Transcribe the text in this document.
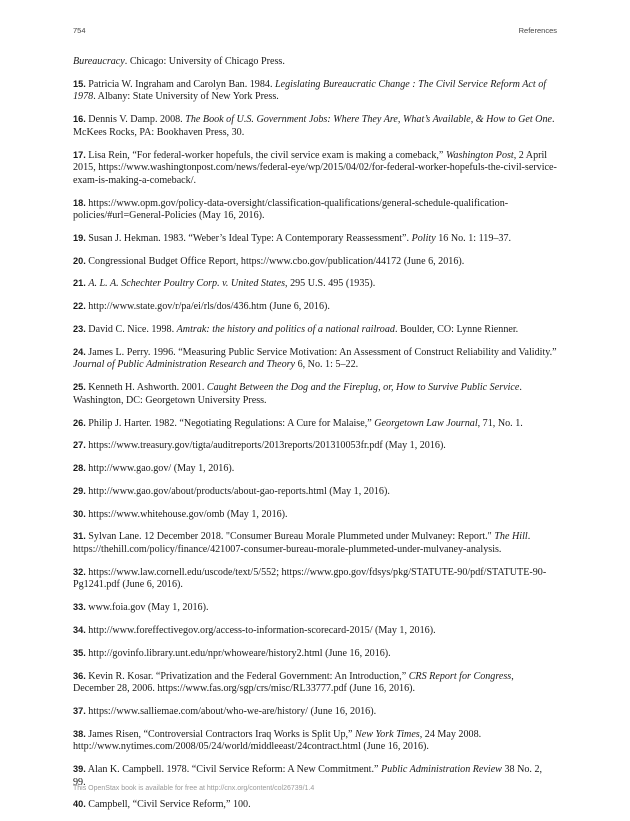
754	References

Bureaucracy. Chicago: University of Chicago Press.

15. Patricia W. Ingraham and Carolyn Ban. 1984. Legislating Bureaucratic Change : The Civil Service Reform Act of 1978. Albany: State University of New York Press.

16. Dennis V. Damp. 2008. The Book of U.S. Government Jobs: Where They Are, What’s Available, & How to Get One. McKees Rocks, PA: Bookhaven Press, 30.

17. Lisa Rein, “For federal-worker hopefuls, the civil service exam is making a comeback,” Washington Post, 2 April 2015, https://www.washingtonpost.com/news/federal-eye/wp/2015/04/02/for-federal-worker-hopefuls-the-civil-service-exam-is-making-a-comeback/.

18. https://www.opm.gov/policy-data-oversight/classification-qualifications/general-schedule-qualification-policies/#url=General-Policies (May 16, 2016).

19. Susan J. Hekman. 1983. “Weber’s Ideal Type: A Contemporary Reassessment”. Polity 16 No. 1: 119–37.

20. Congressional Budget Office Report, https://www.cbo.gov/publication/44172 (June 6, 2016).

21. A. L. A. Schechter Poultry Corp. v. United States, 295 U.S. 495 (1935).

22. http://www.state.gov/r/pa/ei/rls/dos/436.htm (June 6, 2016).

23. David C. Nice. 1998. Amtrak: the history and politics of a national railroad. Boulder, CO: Lynne Rienner.

24. James L. Perry. 1996. “Measuring Public Service Motivation: An Assessment of Construct Reliability and Validity.” Journal of Public Administration Research and Theory 6, No. 1: 5–22.

25. Kenneth H. Ashworth. 2001. Caught Between the Dog and the Fireplug, or, How to Survive Public Service. Washington, DC: Georgetown University Press.

26. Philip J. Harter. 1982. “Negotiating Regulations: A Cure for Malaise,” Georgetown Law Journal, 71, No. 1.

27. https://www.treasury.gov/tigta/auditreports/2013reports/201310053fr.pdf (May 1, 2016).

28. http://www.gao.gov/ (May 1, 2016).

29. http://www.gao.gov/about/products/about-gao-reports.html (May 1, 2016).

30. https://www.whitehouse.gov/omb (May 1, 2016).

31. Sylvan Lane. 12 December 2018. "Consumer Bureau Morale Plummeted under Mulvaney: Report." The Hill. https://thehill.com/policy/finance/421007-consumer-bureau-morale-plummeted-under-mulvaney-analysis.

32. https://www.law.cornell.edu/uscode/text/5/552; https://www.gpo.gov/fdsys/pkg/STATUTE-90/pdf/STATUTE-90-Pg1241.pdf (June 6, 2016).

33. www.foia.gov (May 1, 2016).

34. http://www.foreffectivegov.org/access-to-information-scorecard-2015/ (May 1, 2016).

35. http://govinfo.library.unt.edu/npr/whoweare/history2.html (June 16, 2016).

36. Kevin R. Kosar. “Privatization and the Federal Government: An Introduction,” CRS Report for Congress, December 28, 2006. https://www.fas.org/sgp/crs/misc/RL33777.pdf (June 16, 2016).

37. https://www.salliemae.com/about/who-we-are/history/ (June 16, 2016).

38. James Risen, “Controversial Contractors Iraq Works is Split Up,” New York Times, 24 May 2008. http://www.nytimes.com/2008/05/24/world/middleeast/24contract.html (June 16, 2016).

39. Alan K. Campbell. 1978. “Civil Service Reform: A New Commitment.” Public Administration Review 38 No. 2, 99.

40. Campbell, “Civil Service Reform,” 100.

This OpenStax book is available for free at http://cnx.org/content/col26739/1.4
